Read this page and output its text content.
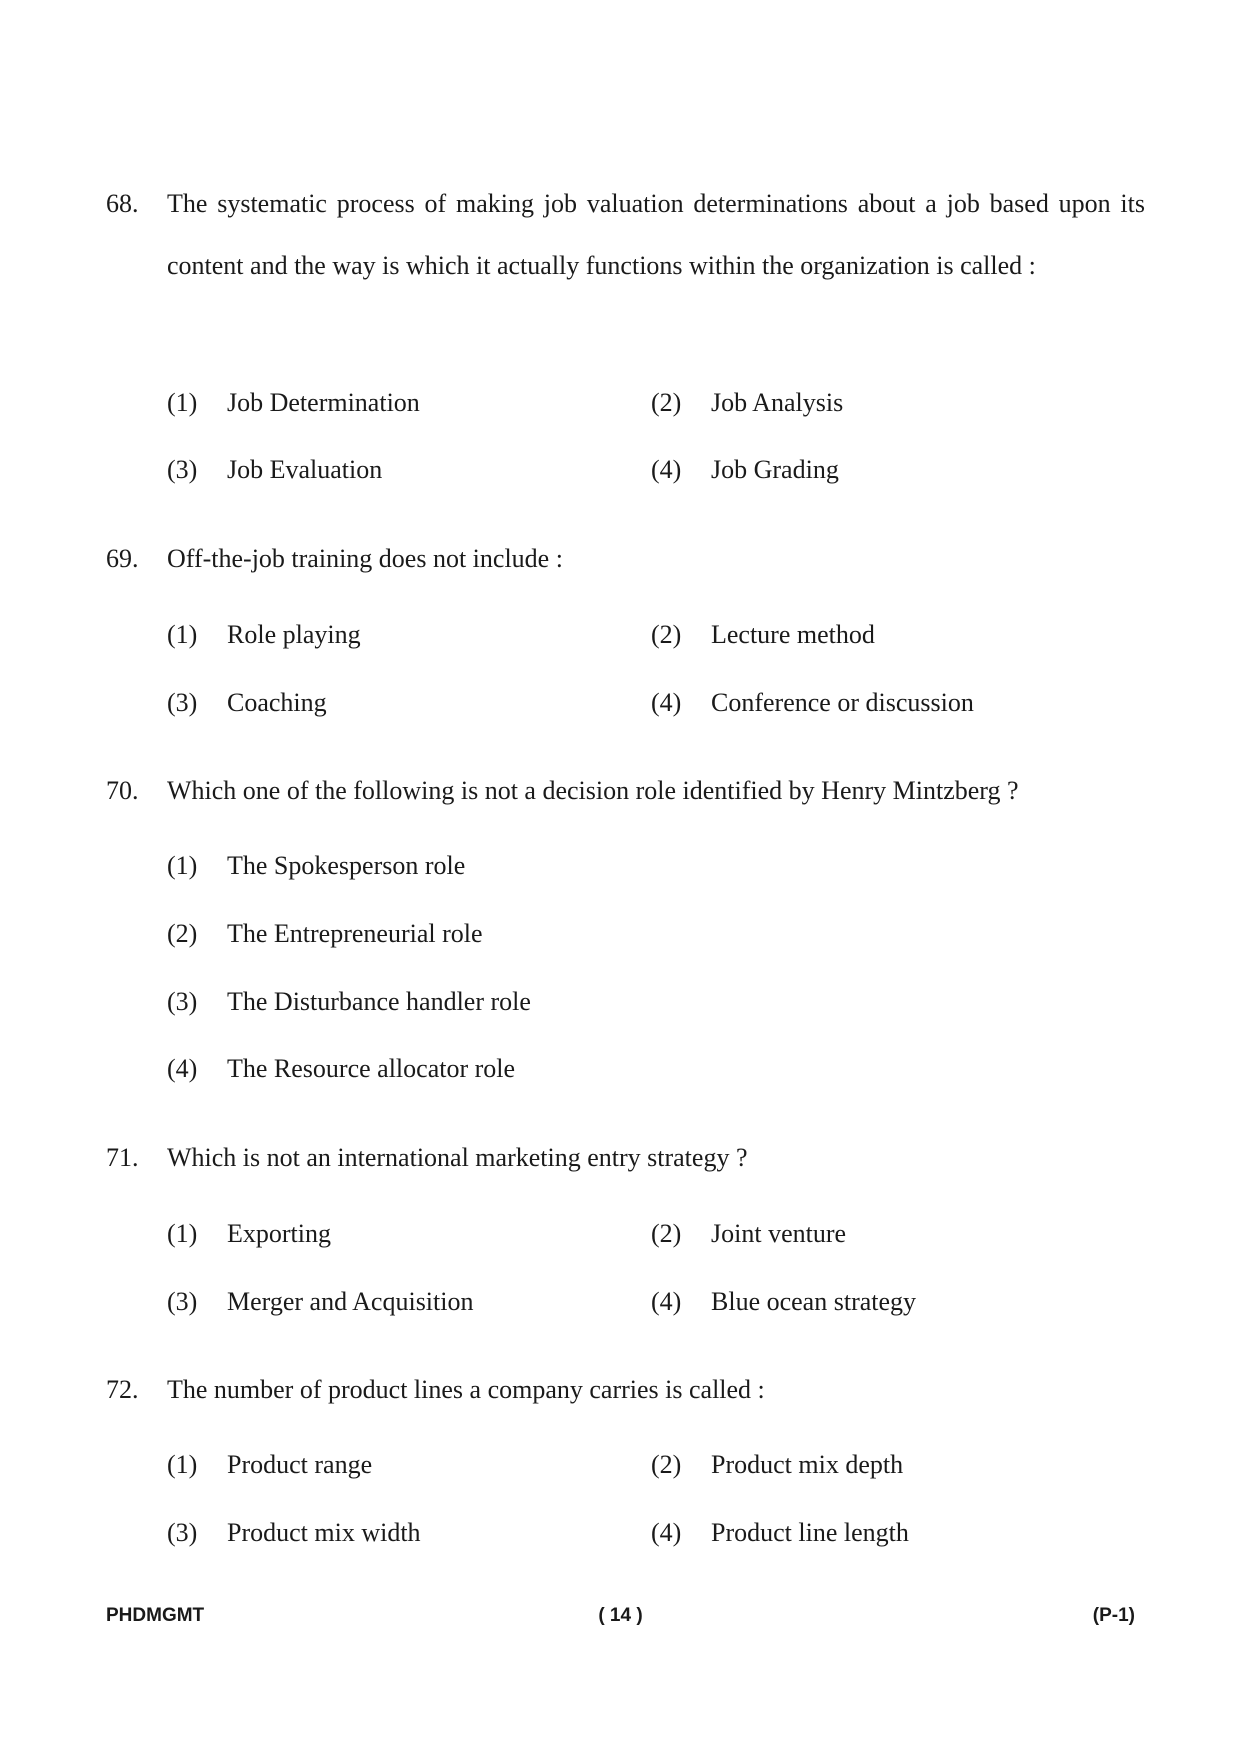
68. The systematic process of making job valuation determinations about a job based upon its content and the way is which it actually functions within the organization is called :
(1) Job Determination	(2) Job Analysis
(3) Job Evaluation	(4) Job Grading
69. Off-the-job training does not include :
(1) Role playing	(2) Lecture method
(3) Coaching	(4) Conference or discussion
70. Which one of the following is not a decision role identified by Henry Mintzberg ?
(1) The Spokesperson role
(2) The Entrepreneurial role
(3) The Disturbance handler role
(4) The Resource allocator role
71. Which is not an international marketing entry strategy ?
(1) Exporting	(2) Joint venture
(3) Merger and Acquisition	(4) Blue ocean strategy
72. The number of product lines a company carries is called :
(1) Product range	(2) Product mix depth
(3) Product mix width	(4) Product line length
PHDMGMT	( 14 )	(P-1)
